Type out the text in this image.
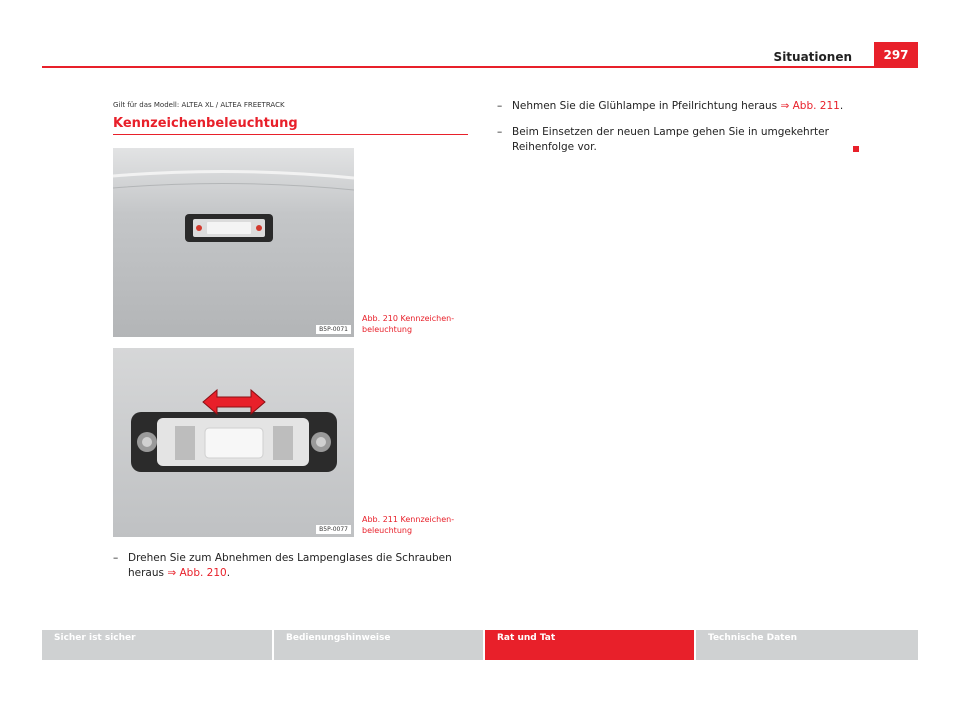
Situationen	297
Gilt für das Modell: ALTEA XL / ALTEA FREETRACK
Kennzeichenbeleuchtung
B5P-0071
Abb. 210 Kennzeichen-beleuchtung
B5P-0077
Abb. 211 Kennzeichen-beleuchtung
– Drehen Sie zum Abnehmen des Lampenglases die Schrauben heraus ⇒ Abb. 210.
– Nehmen Sie die Glühlampe in Pfeilrichtung heraus ⇒ Abb. 211.
– Beim Einsetzen der neuen Lampe gehen Sie in umgekehrter Reihenfolge vor.
Sicher ist sicher	Bedienungshinweise	Rat und Tat	Technische Daten
